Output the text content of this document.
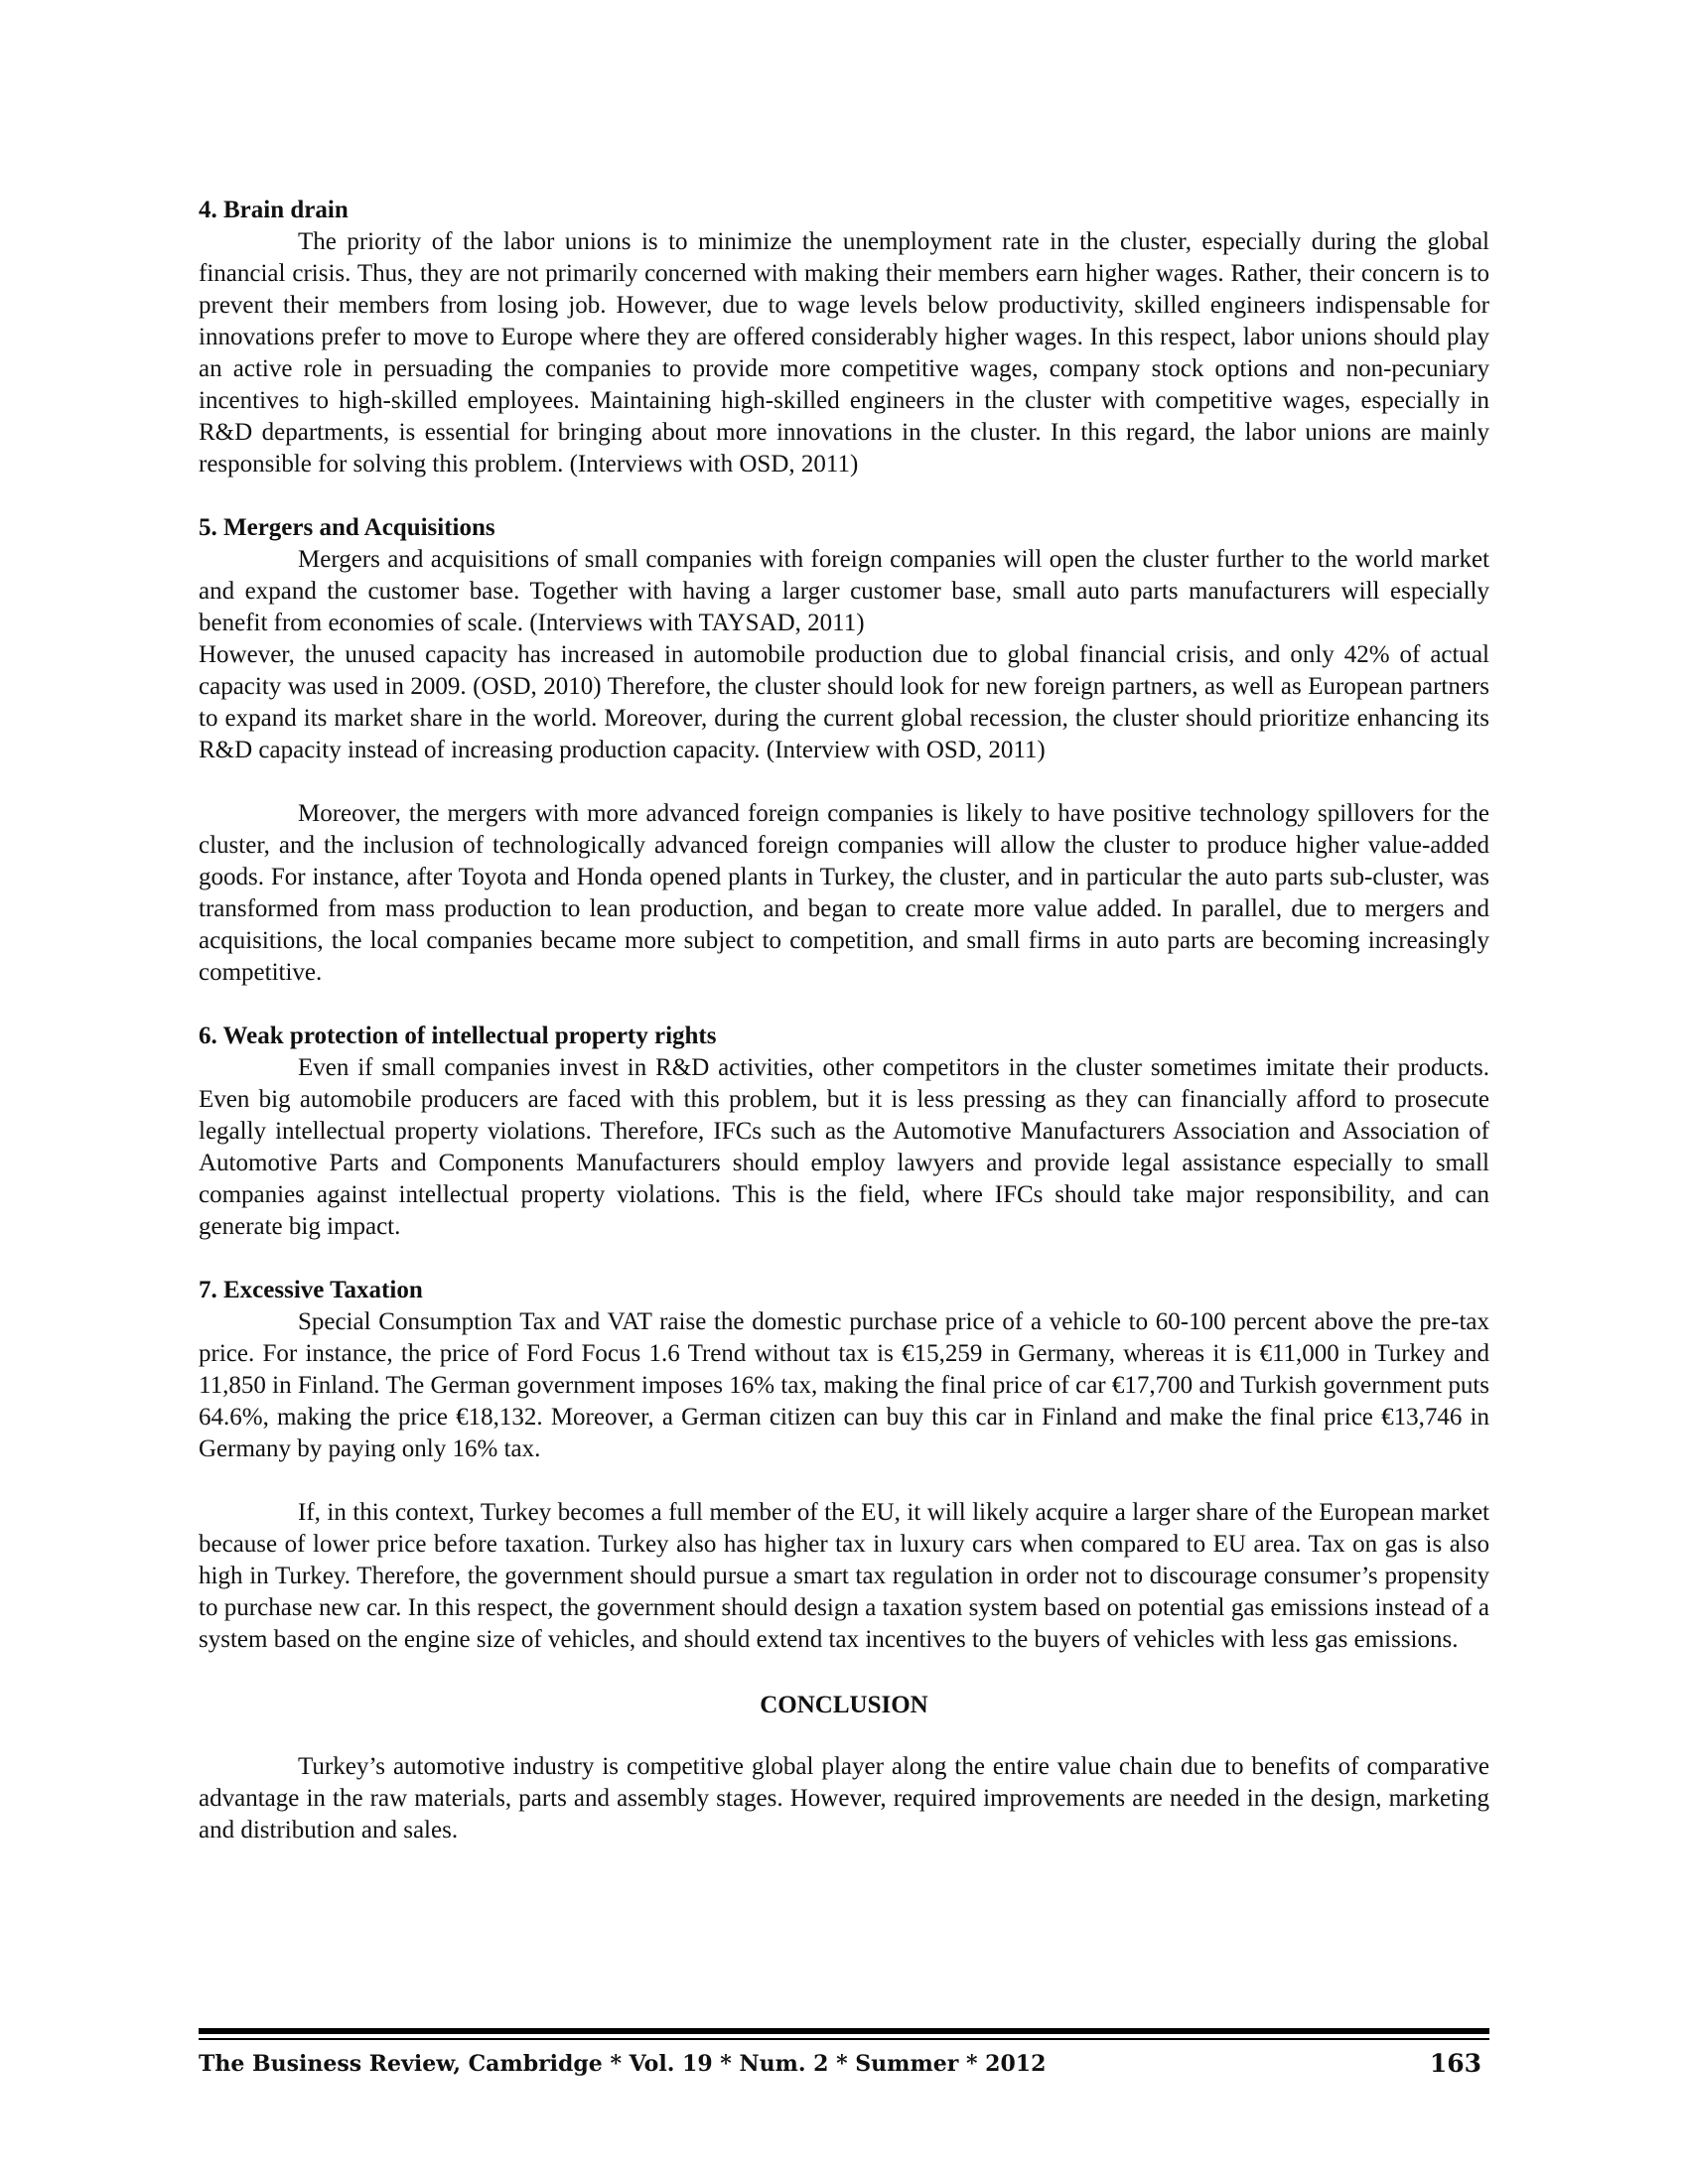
4. Brain drain

The priority of the labor unions is to minimize the unemployment rate in the cluster, especially during the global financial crisis. Thus, they are not primarily concerned with making their members earn higher wages. Rather, their concern is to prevent their members from losing job. However, due to wage levels below productivity, skilled engineers indispensable for innovations prefer to move to Europe where they are offered considerably higher wages. In this respect, labor unions should play an active role in persuading the companies to provide more competitive wages, company stock options and non-pecuniary incentives to high-skilled employees. Maintaining high-skilled engineers in the cluster with competitive wages, especially in R&D departments, is essential for bringing about more innovations in the cluster. In this regard, the labor unions are mainly responsible for solving this problem. (Interviews with OSD, 2011)

5. Mergers and Acquisitions

Mergers and acquisitions of small companies with foreign companies will open the cluster further to the world market and expand the customer base. Together with having a larger customer base, small auto parts manufacturers will especially benefit from economies of scale. (Interviews with TAYSAD, 2011)

However, the unused capacity has increased in automobile production due to global financial crisis, and only 42% of actual capacity was used in 2009. (OSD, 2010) Therefore, the cluster should look for new foreign partners, as well as European partners to expand its market share in the world. Moreover, during the current global recession, the cluster should prioritize enhancing its R&D capacity instead of increasing production capacity. (Interview with OSD, 2011)

Moreover, the mergers with more advanced foreign companies is likely to have positive technology spillovers for the cluster, and the inclusion of technologically advanced foreign companies will allow the cluster to produce higher value-added goods. For instance, after Toyota and Honda opened plants in Turkey, the cluster, and in particular the auto parts sub-cluster, was transformed from mass production to lean production, and began to create more value added. In parallel, due to mergers and acquisitions, the local companies became more subject to competition, and small firms in auto parts are becoming increasingly competitive.

6. Weak protection of intellectual property rights

Even if small companies invest in R&D activities, other competitors in the cluster sometimes imitate their products. Even big automobile producers are faced with this problem, but it is less pressing as they can financially afford to prosecute legally intellectual property violations. Therefore, IFCs such as the Automotive Manufacturers Association and Association of Automotive Parts and Components Manufacturers should employ lawyers and provide legal assistance especially to small companies against intellectual property violations. This is the field, where IFCs should take major responsibility, and can generate big impact.

7. Excessive Taxation

Special Consumption Tax and VAT raise the domestic purchase price of a vehicle to 60-100 percent above the pre-tax price. For instance, the price of Ford Focus 1.6 Trend without tax is €15,259 in Germany, whereas it is €11,000 in Turkey and 11,850 in Finland. The German government imposes 16% tax, making the final price of car €17,700 and Turkish government puts 64.6%, making the price €18,132. Moreover, a German citizen can buy this car in Finland and make the final price €13,746 in Germany by paying only 16% tax.

If, in this context, Turkey becomes a full member of the EU, it will likely acquire a larger share of the European market because of lower price before taxation. Turkey also has higher tax in luxury cars when compared to EU area. Tax on gas is also high in Turkey. Therefore, the government should pursue a smart tax regulation in order not to discourage consumer’s propensity to purchase new car. In this respect, the government should design a taxation system based on potential gas emissions instead of a system based on the engine size of vehicles, and should extend tax incentives to the buyers of vehicles with less gas emissions.

CONCLUSION

Turkey’s automotive industry is competitive global player along the entire value chain due to benefits of comparative advantage in the raw materials, parts and assembly stages. However, required improvements are needed in the design, marketing and distribution and sales.

The Business Review, Cambridge * Vol. 19 * Num. 2 * Summer * 2012	163
